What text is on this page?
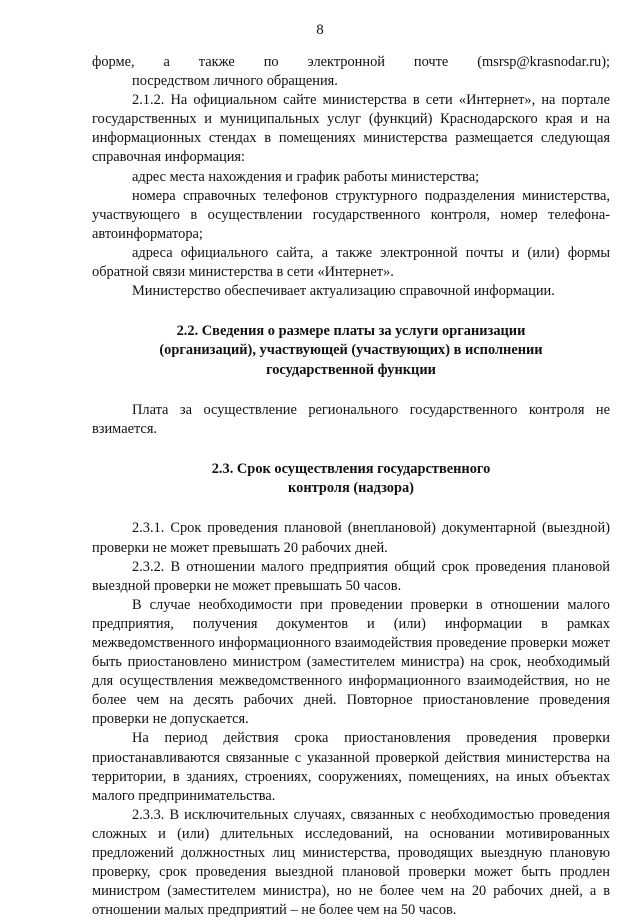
8

форме, а также по электронной почте (msrsp@krasnodar.ru);

посредством личного обращения.

2.1.2. На официальном сайте министерства в сети «Интернет», на портале государственных и муниципальных услуг (функций) Краснодарского края и на информационных стендах в помещениях министерства размещается следующая справочная информация:

адрес места нахождения и график работы министерства;

номера справочных телефонов структурного подразделения министерства, участвующего в осуществлении государственного контроля, номер телефона-автоинформатора;

адреса официального сайта, а также электронной почты и (или) формы обратной связи министерства в сети «Интернет».

Министерство обеспечивает актуализацию справочной информации.

2.2. Сведения о размере платы за услуги организации (организаций), участвующей (участвующих) в исполнении государственной функции

Плата за осуществление регионального государственного контроля не взимается.

2.3. Срок осуществления государственного контроля (надзора)

2.3.1. Срок проведения плановой (внеплановой) документарной (выездной) проверки не может превышать 20 рабочих дней.

2.3.2. В отношении малого предприятия общий срок проведения плановой выездной проверки не может превышать 50 часов.

В случае необходимости при проведении проверки в отношении малого предприятия, получения документов и (или) информации в рамках межведомственного информационного взаимодействия проведение проверки может быть приостановлено министром (заместителем министра) на срок, необходимый для осуществления межведомственного информационного взаимодействия, но не более чем на десять рабочих дней. Повторное приостановление проведения проверки не допускается.

На период действия срока приостановления проведения проверки приостанавливаются связанные с указанной проверкой действия министерства на территории, в зданиях, строениях, сооружениях, помещениях, на иных объектах малого предпринимательства.

2.3.3. В исключительных случаях, связанных с необходимостью проведения сложных и (или) длительных исследований, на основании мотивированных предложений должностных лиц министерства, проводящих выездную плановую проверку, срок проведения выездной плановой проверки может быть продлен министром (заместителем министра), но не более чем на 20 рабочих дней, а в отношении малых предприятий – не более чем на 50 часов.
